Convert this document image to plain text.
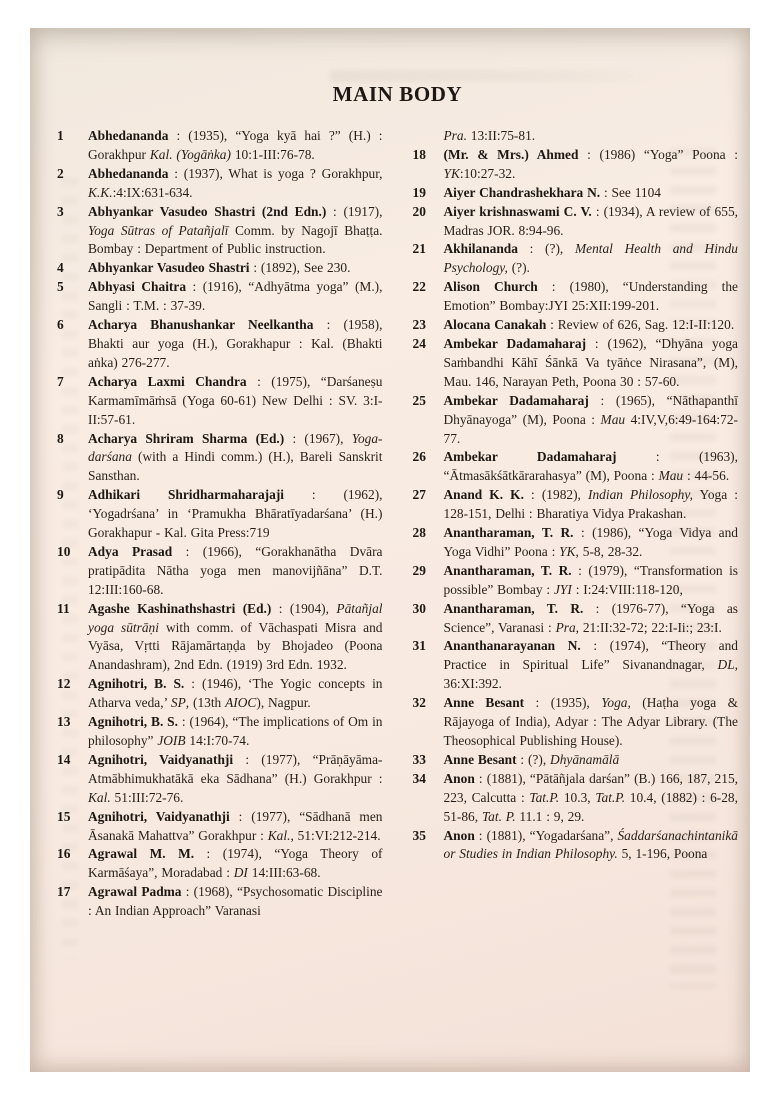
MAIN BODY
1	Abhedananda : (1935), “Yoga kyā hai ?” (H.) : Gorakhpur Kal. (Yogāṅka) 10:1-III:76-78.

2	Abhedananda : (1937), What is yoga ? Gorakhpur, K.K.:4:IX:631-634.

3	Abhyankar Vasudeo Shastri (2nd Edn.) : (1917), Yoga Sūtras of Patañjalī Comm. by Nagojī Bhaṭṭa. Bombay : Department of Public instruction.

4	Abhyankar Vasudeo Shastri : (1892), See 230.

5	Abhyasi Chaitra : (1916), “Adhyātma yoga” (M.), Sangli : T.M. : 37-39.

6	Acharya Bhanushankar Neelkantha : (1958), Bhakti aur yoga (H.), Gorakhapur : Kal. (Bhakti aṅka) 276-277.

7	Acharya Laxmi Chandra : (1975), “Darśaneṣu Karmamīmāṁsā (Yoga 60-61) New Delhi : SV. 3:I-II:57-61.

8	Acharya Shriram Sharma (Ed.) : (1967), Yoga-darśana (with a Hindi comm.) (H.), Bareli Sanskrit Sansthan.

9	Adhikari Shridharmaharajaji : (1962), ‘Yogadrśana’ in ‘Pramukha Bhāratīyadarśana’ (H.) Gorakhapur - Kal. Gita Press:719

10	Adya Prasad : (1966), “Gorakhanātha Dvāra pratipādita Nātha yoga men manovijñāna” D.T. 12:III:160-68.

11	Agashe Kashinathshastri (Ed.) : (1904), Pātañjal yoga sūtrāṇi with comm. of Vāchaspati Misra and Vyāsa, Vṛtti Rājamārtaṇḍa by Bhojadeo (Poona Anandashram), 2nd Edn. (1919) 3rd Edn. 1932.

12	Agnihotri, B. S. : (1946), ‘The Yogic concepts in Atharva veda,’ SP, (13th AIOC), Nagpur.

13	Agnihotri, B. S. : (1964), “The implications of Om in philosophy” JOIB 14:I:70-74.

14	Agnihotri, Vaidyanathji : (1977), “Prāṇāyāma- Atmābhimukhatākā eka Sādhana” (H.) Gorakhpur : Kal. 51:III:72-76.

15	Agnihotri, Vaidyanathji : (1977), “Sādhanā men Āsanakā Mahattva” Gorakhpur : Kal., 51:VI:212-214.

16	Agrawal M. M. : (1974), “Yoga Theory of Karmāśaya”, Moradabad : DI 14:III:63-68.

17	Agrawal Padma : (1968), “Psychosomatic Discipline : An Indian Approach” Varanasi

Pra. 13:II:75-81.

18	(Mr. & Mrs.) Ahmed : (1986) “Yoga” Poona : YK:10:27-32.

19	Aiyer Chandrashekhara N. : See 1104

20	Aiyer krishnaswami C. V. : (1934), A review of 655, Madras JOR. 8:94-96.

21	Akhilananda : (?), Mental Health and Hindu Psychology, (?).

22	Alison Church : (1980), “Understanding the Emotion” Bombay:JYI 25:XII:199-201.

23	Alocana Canakah : Review of 626, Sag. 12:I-II:120.

24	Ambekar Dadamaharaj : (1962), “Dhyāna yoga Saṁbandhi Kāhī Śānkā Va tyāṅce Nirasana”, (M), Mau. 146, Narayan Peth, Poona 30 : 57-60.

25	Ambekar Dadamaharaj : (1965), “Nāthapanthī Dhyānayoga” (M), Poona : Mau 4:IV,V,6:49-164:72-77.

26	Ambekar Dadamaharaj : (1963), “Ātmasākśātkārarahasya” (M), Poona : Mau : 44-56.

27	Anand K. K. : (1982), Indian Philosophy, Yoga : 128-151, Delhi : Bharatiya Vidya Prakashan.

28	Anantharaman, T. R. : (1986), “Yoga Vidya and Yoga Vidhi” Poona : YK, 5-8, 28-32.

29	Anantharaman, T. R. : (1979), “Transformation is possible” Bombay : JYI : I:24:VIII:118-120,

30	Anantharaman, T. R. : (1976-77), “Yoga as Science”, Varanasi : Pra, 21:II:32-72; 22:I-Ii:; 23:I.

31	Ananthanarayanan N. : (1974), “Theory and Practice in Spiritual Life” Sivanandnagar, DL, 36:XI:392.

32	Anne Besant : (1935), Yoga, (Haṭha yoga & Rājayoga of India), Adyar : The Adyar Library. (The Theosophical Publishing House).

33	Anne Besant : (?), Dhyānamālā

34	Anon : (1881), “Pātāñjala darśan” (B.) 166, 187, 215, 223, Calcutta : Tat.P. 10.3, Tat.P. 10.4, (1882) : 6-28, 51-86, Tat. P. 11.1 : 9, 29.

35	Anon : (1881), “Yogadarśana”, Śaddarśanachintanikā or Studies in Indian Philosophy. 5, 1-196, Poona
